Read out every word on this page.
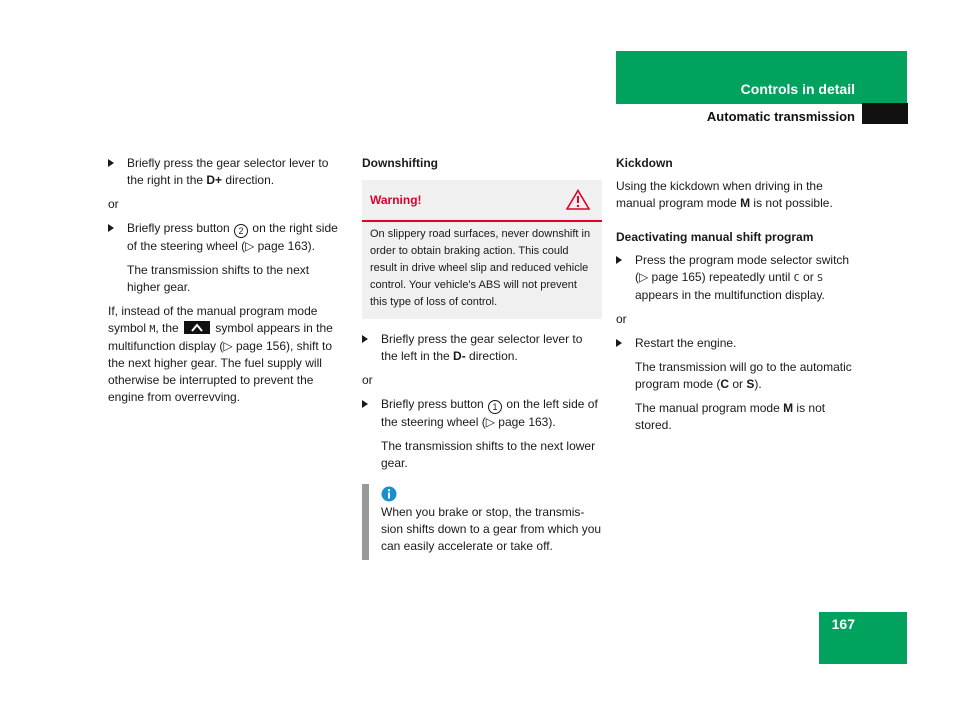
Controls in detail
Automatic transmission
Briefly press the gear selector lever to the right in the D+ direction.

or

Briefly press button 2 on the right side of the steering wheel (▷ page 163).

The transmission shifts to the next higher gear.

If, instead of the manual program mode symbol M, the	symbol appears in the multifunction display (▷ page 156), shift to the next higher gear. The fuel supply will otherwise be interrupted to prevent the engine from overrevving.

Downshifting

Warning!

On slippery road surfaces, never downshift in order to obtain braking action. This could result in drive wheel slip and reduced vehicle control. Your vehicle's ABS will not prevent this type of loss of control.

Briefly press the gear selector lever to the left in the D- direction.

or

Briefly press button 1 on the left side of the steering wheel (▷ page 163).

The transmission shifts to the next lower gear.

When you brake or stop, the transmis-sion shifts down to a gear from which you can easily accelerate or take off.

Kickdown

Using the kickdown when driving in the manual program mode M is not possible.

Deactivating manual shift program

Press the program mode selector switch (▷ page 165) repeatedly until C or S appears in the multifunction display.

or

Restart the engine.

The transmission will go to the automatic program mode (C or S).

The manual program mode M is not stored.

167
